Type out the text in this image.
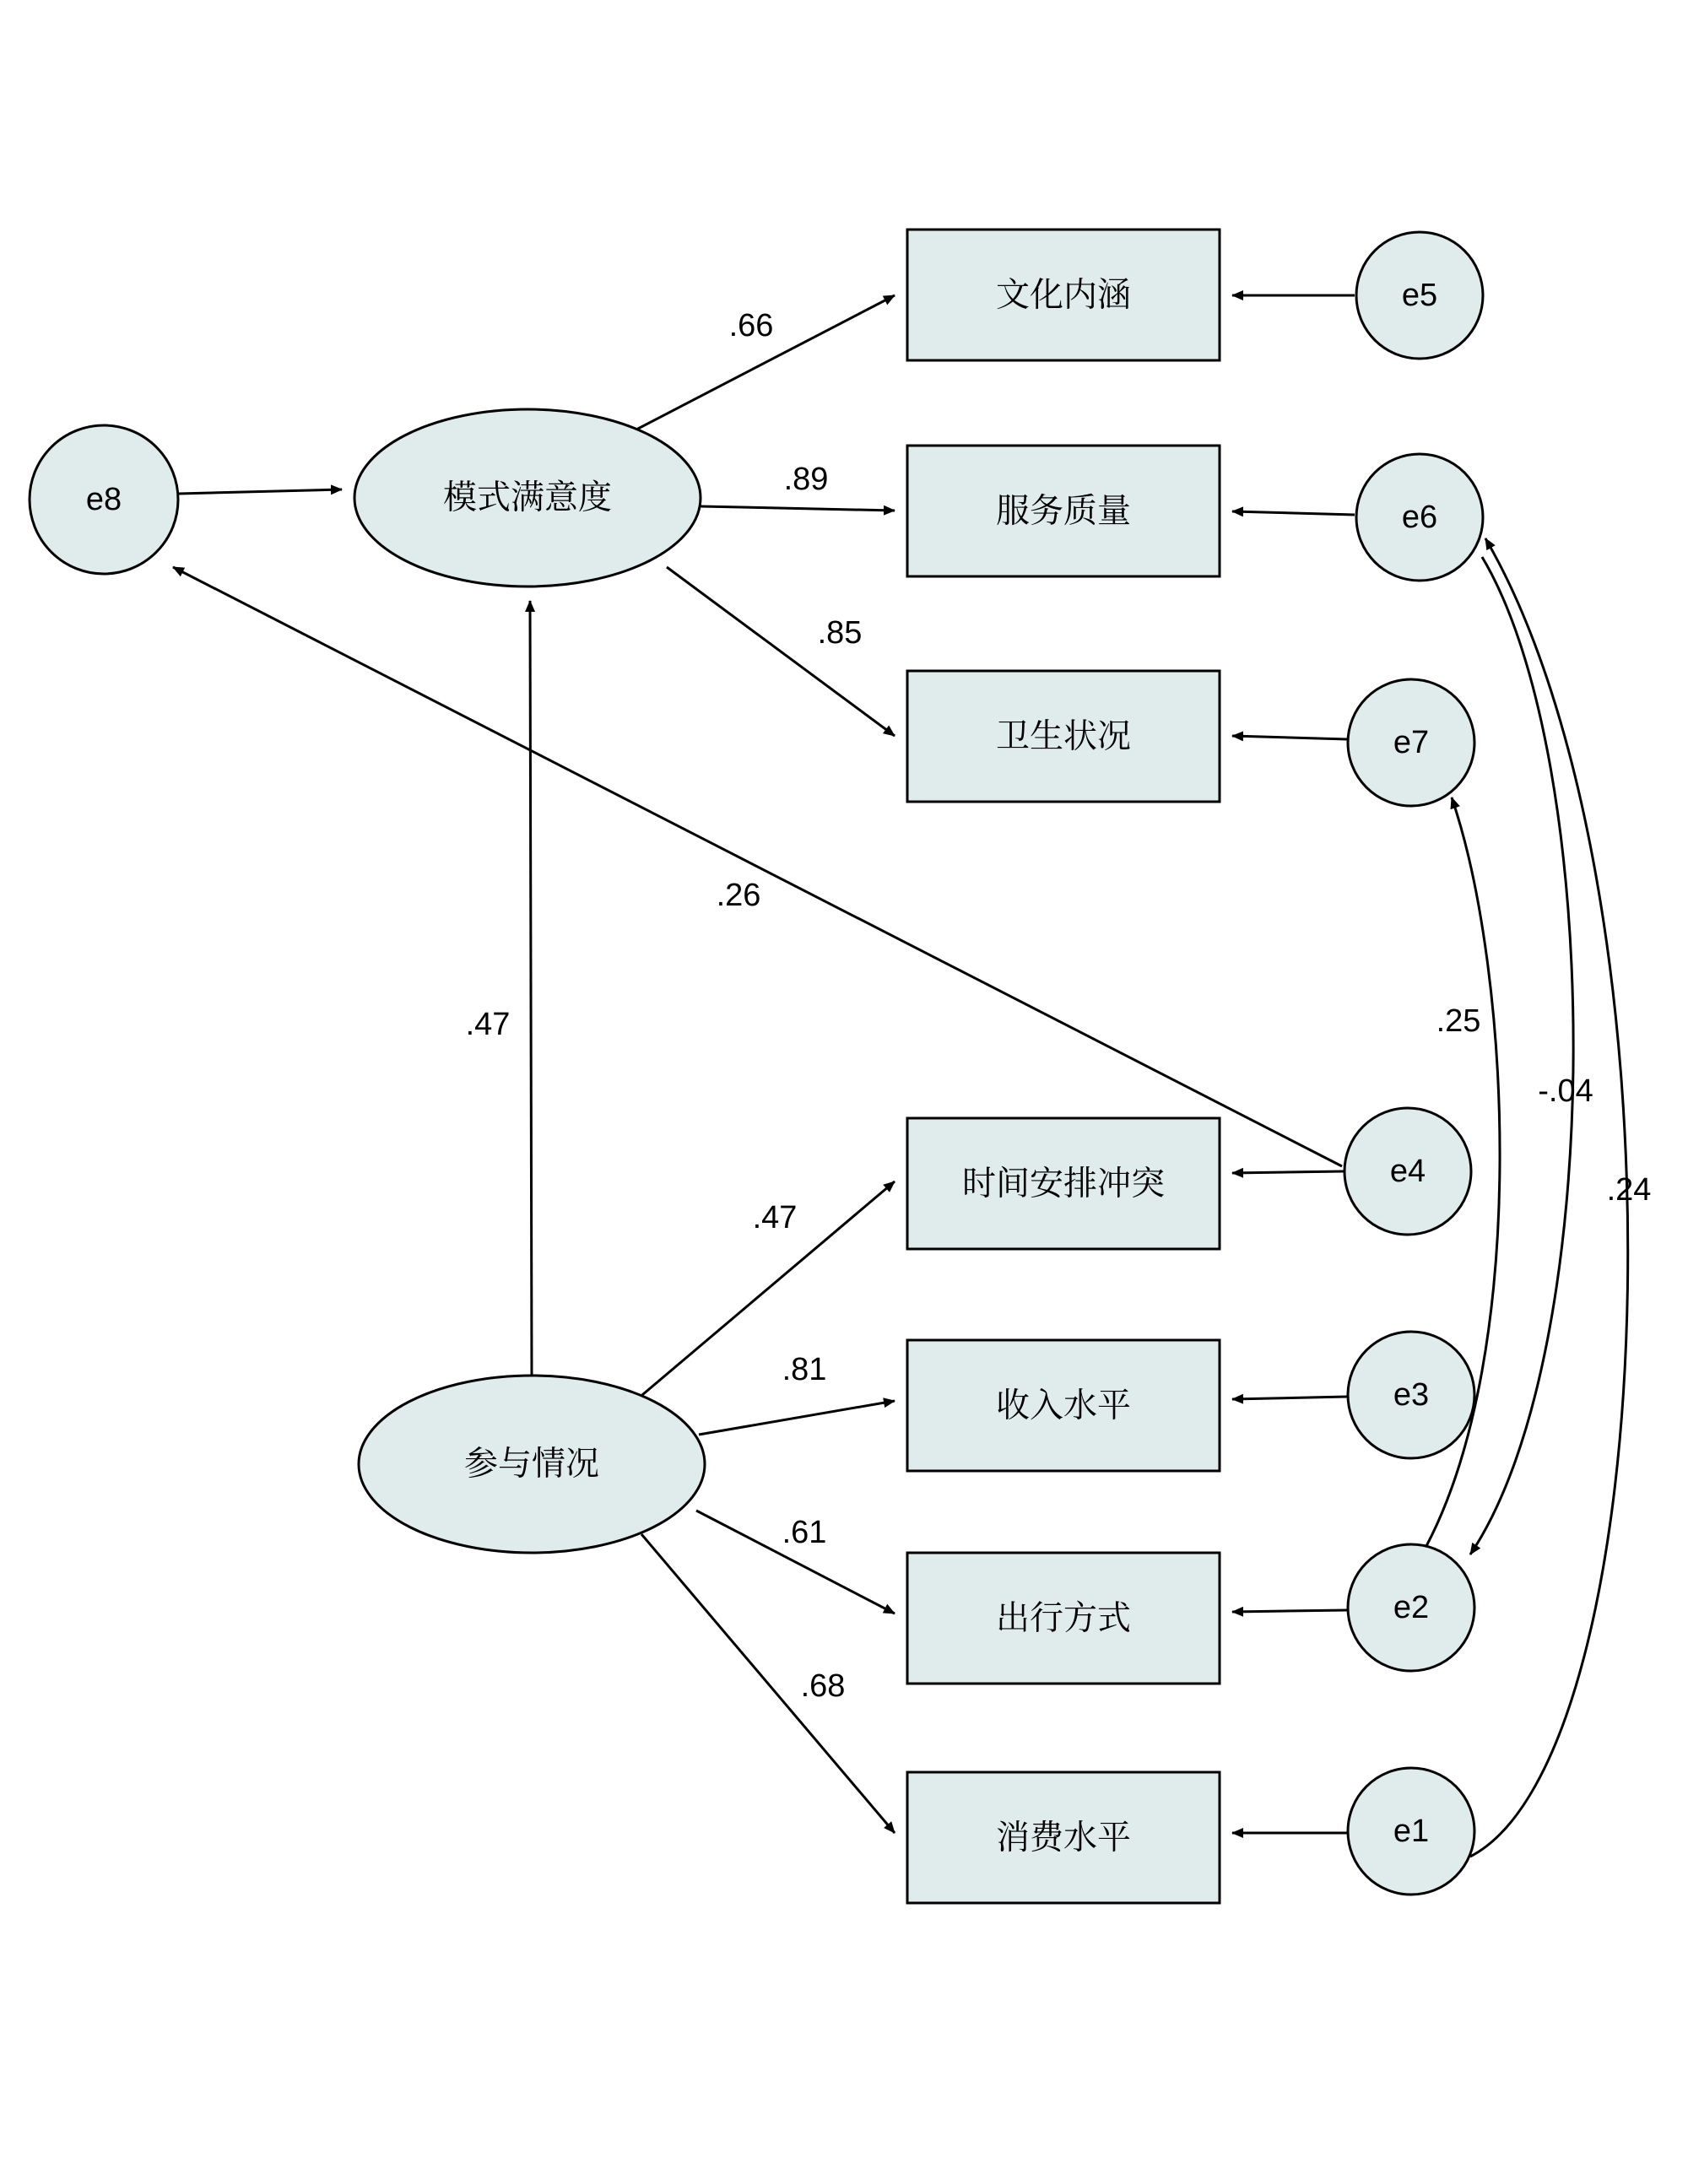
文化内涵
服务质量
卫生状况
时间安排冲突
收入水平
出行方式
消费水平
模式满意度
参与情况
e8
e5
e6
e7
e4
e3
e2
e1
.66
.89
.85
.26
.47
.47
.81
.61
.68
.25
-.04
.24
